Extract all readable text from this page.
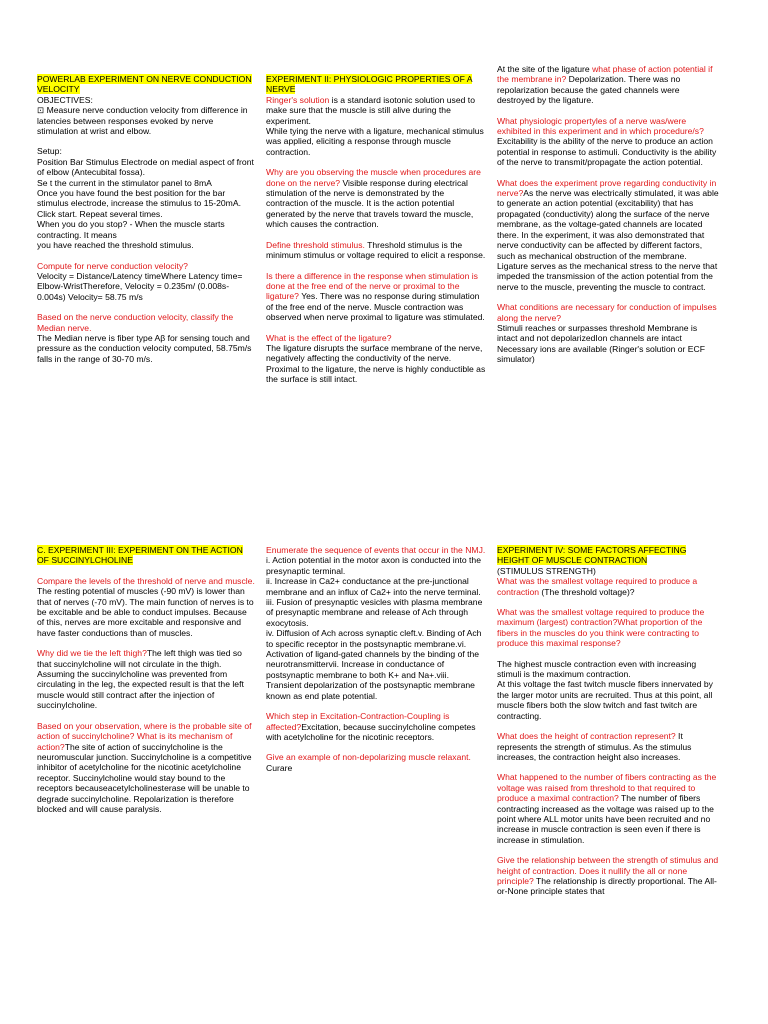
POWERLAB EXPERIMENT ON NERVE CONDUCTION VELOCITY

OBJECTIVES:

⊡ Measure nerve conduction velocity from difference in latencies between responses evoked by nerve stimulation at wrist and elbow.

Setup:

Position Bar Stimulus Electrode on medial aspect of front of elbow (Antecubital fossa).

Se t the current in the stimulator panel to 8mA

Once you have found the best position for the bar stimulus electrode, increase the stimulus to 15-20mA. Click start. Repeat several times.

When you do you stop? - When the muscle starts contracting. It means

you have reached the threshold stimulus.

Compute for nerve conduction velocity?

Velocity = Distance/Latency timeWhere Latency time= Elbow-WristTherefore, Velocity = 0.235m/ (0.008s-0.004s) Velocity= 58.75 m/s

Based on the nerve conduction velocity, classify the Median nerve.

The Median nerve is fiber type Aβ for sensing touch and pressure as the conduction velocity computed, 58.75m/s falls in the range of 30-70 m/s.

EXPERIMENT II: PHYSIOLOGIC PROPERTIES OF A NERVE

Ringer's solution is a standard isotonic solution used to make sure that the muscle is still alive during the experiment.

While tying the nerve with a ligature, mechanical stimulus was applied, eliciting a response through muscle contraction.

Why are you observing the muscle when procedures are done on the nerve? Visible response during electrical stimulation of the nerve is demonstrated by the contraction of the muscle. It is the action potential generated by the nerve that travels toward the muscle, which causes the contraction.

Define threshold stimulus. Threshold stimulus is the minimum stimulus or voltage required to elicit a response.

Is there a difference in the response when stimulation is done at the free end of the nerve or proximal to the ligature? Yes. There was no response during stimulation of the free end of the nerve. Muscle contraction was observed when nerve proximal to ligature was stimulated.

What is the effect of the ligature?

The ligature disrupts the surface membrane of the nerve, negatively affecting the conductivity of the nerve. Proximal to the ligature, the nerve is highly conductible as the surface is still intact.

At the site of the ligature what phase of action potential if the membrane in? Depolarization. There was no repolarization because the gated channels were destroyed by the ligature.

What physiologic propertyles of a nerve was/were exhibited in this experiment and in which procedure/s?

Excitability is the ability of the nerve to produce an action potential in response to astimuli. Conductivity is the ability of the nerve to transmit/propagate the action potential.

What does the experiment prove regarding conductivity in nerve?As the nerve was electrically stimulated, it was able to generate an action potential (excitability) that has propagated (conductivity) along the surface of the nerve membrane, as the voltage-gated channels are located there. In the experiment, it was also demonstrated that nerve conductivity can be affected by different factors, such as mechanical obstruction of the membrane. Ligature serves as the mechanical stress to the nerve that impeded the transmission of the action potential from the nerve to the muscle, preventing the muscle to contract.

What conditions are necessary for conduction of impulses along the nerve?

Stimuli reaches or surpasses threshold Membrane is intact and not depolarizedIon channels are intact Necessary ions are available (Ringer's solution or ECF simulator)

C. EXPERIMENT III: EXPERIMENT ON THE ACTION OF SUCCINYLCHOLINE

Compare the levels of the threshold of nerve and muscle. The resting potential of muscles (-90 mV) is lower than that of nerves (-70 mV). The main function of nerves is to be excitable and be able to conduct impulses. Because of this, nerves are more excitable and responsive and have faster conductions than of muscles.

Why did we tie the left thigh?The left thigh was tied so that succinylcholine will not circulate in the thigh. Assuming the succinylcholine was prevented from circulating in the leg, the expected result is that the left muscle would still contract after the injection of succinylcholine.

Based on your observation, where is the probable site of action of succinylcholine? What is its mechanism of action?The site of action of succinylcholine is the neuromuscular junction. Succinylcholine is a competitive inhibitor of acetylcholine for the nicotinic acetylcholine receptor. Succinylcholine would stay bound to the receptors becauseacetylcholinesterase will be unable to degrade succinylcholine. Repolarization is therefore blocked and will cause paralysis.

Enumerate the sequence of events that occur in the NMJ.

i. Action potential in the motor axon is conducted into the presynaptic terminal.
ii. Increase in Ca2+ conductance at the pre-junctional membrane and an influx of Ca2+ into the nerve terminal.
iii. Fusion of presynaptic vesicles with plasma membrane of presynaptic membrane and release of Ach through exocytosis.
iv. Diffusion of Ach across synaptic cleft.v. Binding of Ach to specific receptor in the postsynaptic membrane.vi. Activation of ligand-gated channels by the binding of the neurotransmittervii. Increase in conductance of postsynaptic membrane to both K+ and Na+.viii. Transient depolarization of the postsynaptic membrane known as end plate potential.

Which step in Excitation-Contraction-Coupling is affected?Excitation, because succinylcholine competes with acetylcholine for the nicotinic receptors.

Give an example of non-depolarizing muscle relaxant.

Curare

EXPERIMENT IV: SOME FACTORS AFFECTING HEIGHT OF MUSCLE CONTRACTION

(STIMULUS STRENGTH)

What was the smallest voltage required to produce a contraction (The threshold voltage)?

What was the smallest voltage required to produce the maximum (largest) contraction?What proportion of the fibers in the muscles do you think were contracting to produce this maximal response?

The highest muscle contraction even with increasing stimuli is the maximum contraction.

At this voltage the fast twitch muscle fibers innervated by the larger motor units are recruited. Thus at this point, all muscle fibers both the slow twitch and fast twitch are contracting.

What does the height of contraction represent? It represents the strength of stimulus. As the stimulus increases, the contraction height also increases.

What happened to the number of fibers contracting as the voltage was raised from threshold to that required to produce a maximal contraction? The number of fibers contracting increased as the voltage was raised up to the point where ALL motor units have been recruited and no increase in muscle contraction is seen even if there is increase in stimulation.

Give the relationship between the strength of stimulus and height of contraction. Does it nullify the all or none principle? The relationship is directly proportional. The All-or-None principle states that
